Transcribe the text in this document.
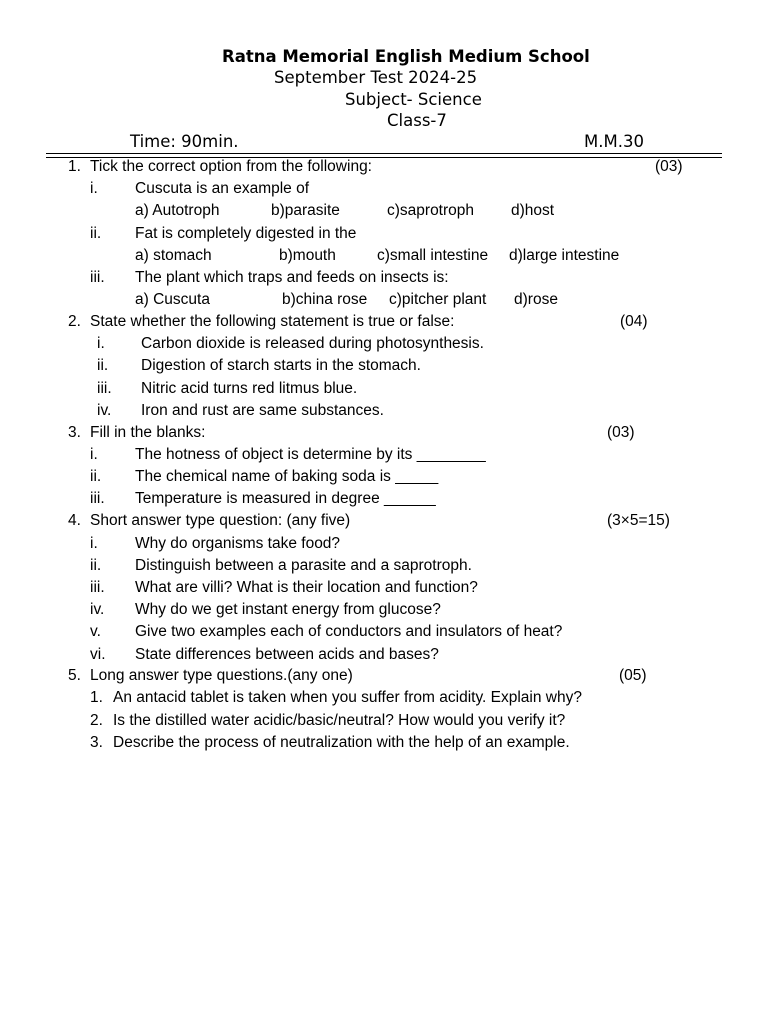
Ratna Memorial English Medium School
September Test 2024-25
Subject- Science
Class-7
Time: 90min.	M.M.30
1. Tick the correct option from the following:	(03)
i. Cuscuta is an example of
a) Autotroph	b)parasite	c)saprotroph d)host
ii. Fat is completely digested in the
a) stomach	b)mouth	c)small intestine d)large intestine
iii. The plant which traps and feeds on insects is:
a) Cuscuta	b)china rose c)pitcher plant d)rose
2. State whether the following statement is true or false:	(04)
i. Carbon dioxide is released during photosynthesis.
ii. Digestion of starch starts in the stomach.
iii. Nitric acid turns red litmus blue.
iv. Iron and rust are same substances.
3. Fill in the blanks:	(03)
i. The hotness of object is determine by its ________
ii. The chemical name of baking soda is _____
iii. Temperature is measured in degree ______
4. Short answer type question: (any five)	(3×5=15)
i. Why do organisms take food?
ii. Distinguish between a parasite and a saprotroph.
iii. What are villi? What is their location and function?
iv. Why do we get instant energy from glucose?
v. Give two examples each of conductors and insulators of heat?
vi. State differences between acids and bases?
5. Long answer type questions.(any one)	(05)
1. An antacid tablet is taken when you suffer from acidity. Explain why?
2. Is the distilled water acidic/basic/neutral? How would you verify it?
3. Describe the process of neutralization with the help of an example.
